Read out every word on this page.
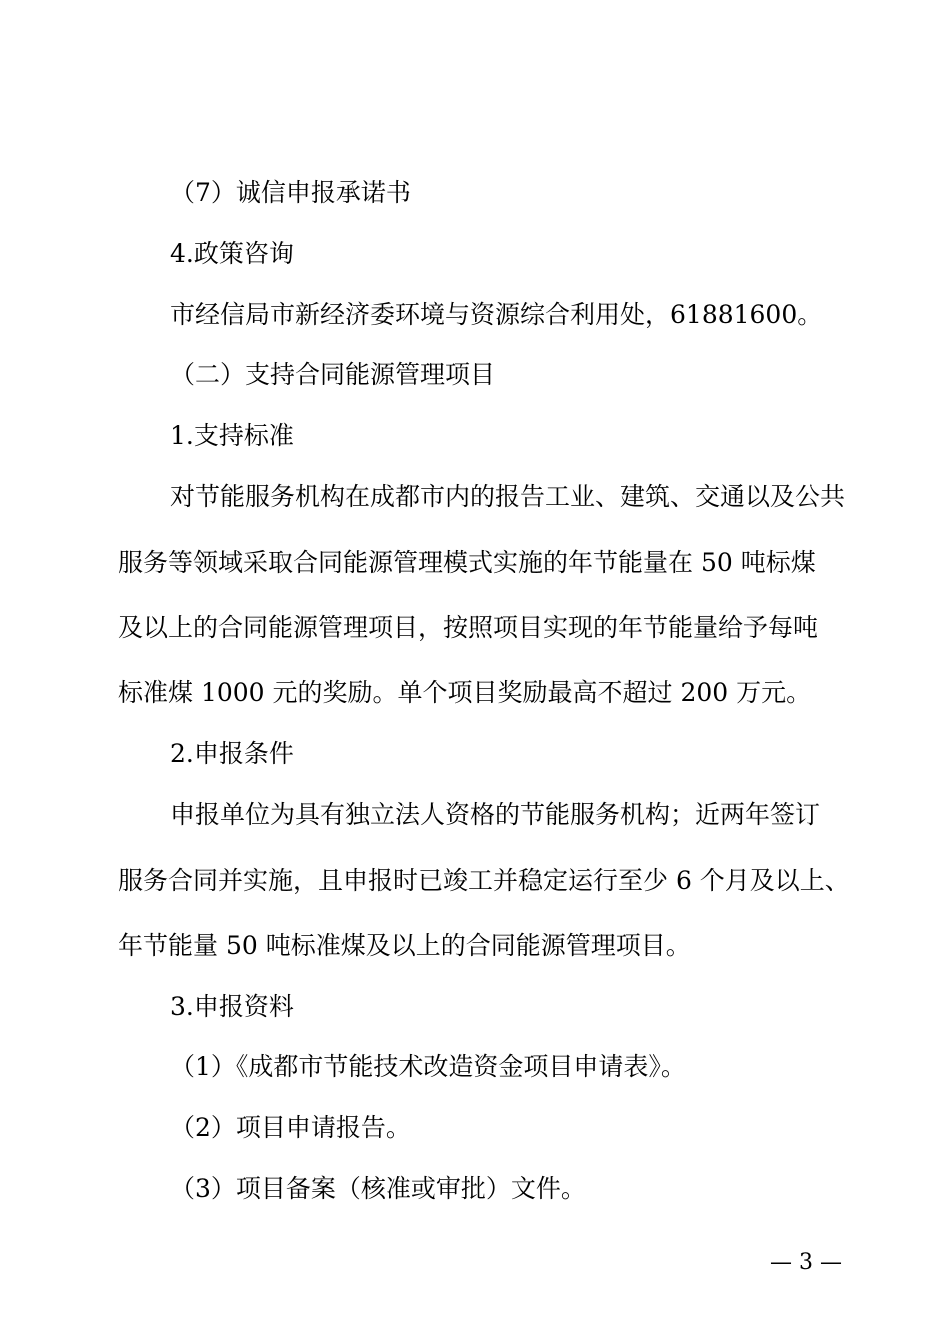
（7）诚信申报承诺书
4.政策咨询
市经信局市新经济委环境与资源综合利用处，61881600。
（二）支持合同能源管理项目
1.支持标准
对节能服务机构在成都市内的报告工业、建筑、交通以及公共
服务等领域采取合同能源管理模式实施的年节能量在 50 吨标煤
及以上的合同能源管理项目，按照项目实现的年节能量给予每吨
标准煤 1000 元的奖励。单个项目奖励最高不超过 200 万元。
2.申报条件
申报单位为具有独立法人资格的节能服务机构；近两年签订
服务合同并实施，且申报时已竣工并稳定运行至少 6 个月及以上、
年节能量 50 吨标准煤及以上的合同能源管理项目。
3.申报资料
（1）《成都市节能技术改造资金项目申请表》。
（2）项目申请报告。
（3）项目备案（核准或审批）文件。
— 3 —
